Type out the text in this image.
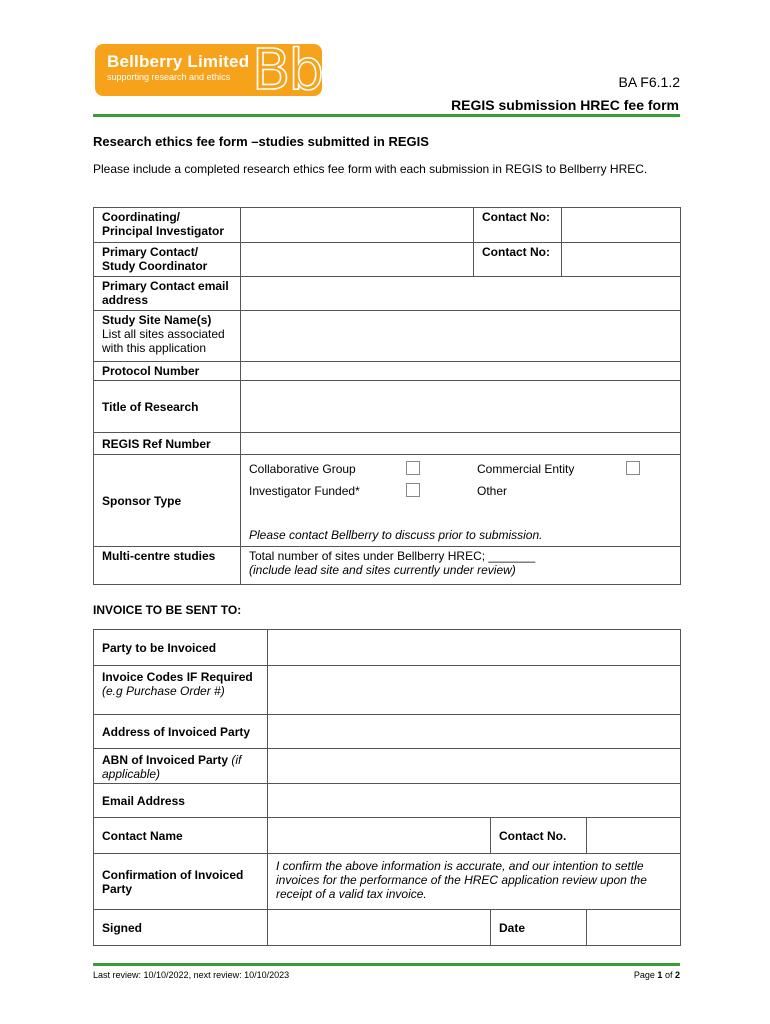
Bellberry Limited
supporting research and ethics Bb	BA F6.1.2
REGIS submission HREC fee form
Research ethics fee form –studies submitted in REGIS
Please include a completed research ethics fee form with each submission in REGIS to Bellberry HREC.
Coordinating/ Principal Investigator		Contact No:	
Primary Contact/ Study Coordinator		Contact No:	
Primary Contact email address			

Study Site Name(s)
List all sites associated with this application			

Protocol Number			
Title of Research			
REGIS Ref Number			
Sponsor Type	Collaborative Group Commercial Entity
Investigator Funded* Other
Please contact Bellberry to discuss prior to submission.		

Multi-centre studies	Total number of sites under Bellberry HREC; _______
(include lead site and sites currently under review)		
INVOICE TO BE SENT TO:
Party to be Invoiced			

Invoice Codes IF Required
(e.g Purchase Order #)			

Address of Invoiced Party			
ABN of Invoiced Party (if applicable)			
Email Address			
Contact Name		Contact No.	
Confirmation of Invoiced Party	I confirm the above information is accurate, and our intention to settle invoices for the performance of the HREC application review upon the receipt of a valid tax invoice.		
Signed		Date	
Last review: 10/10/2022, next review: 10/10/2023	Page 1 of 2
